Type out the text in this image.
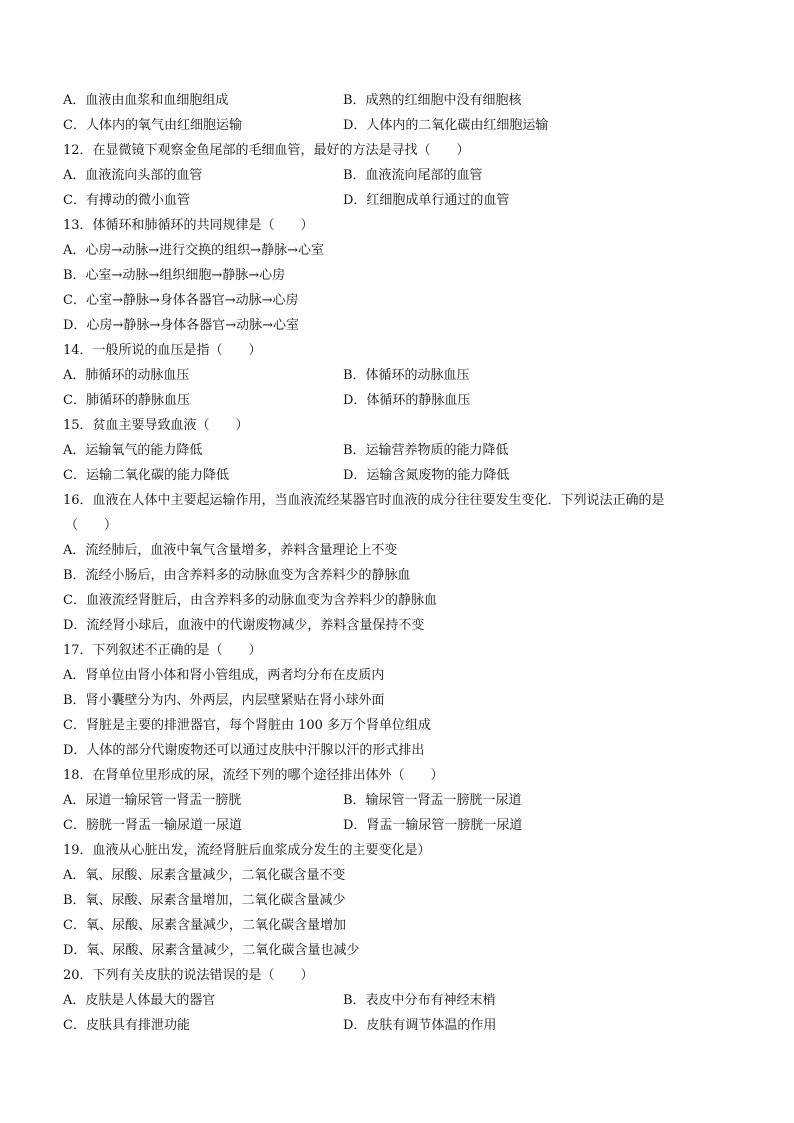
A．血液由血浆和血细胞组成	B．成熟的红细胞中没有细胞核
C．人体内的氧气由红细胞运输	D．人体内的二氧化碳由红细胞运输
12．在显微镜下观察金鱼尾部的毛细血管，最好的方法是寻找（　　）
A．血液流向头部的血管	B．血液流向尾部的血管
C．有搏动的微小血管	D．红细胞成单行通过的血管
13．体循环和肺循环的共同规律是（　　）
A．心房→动脉→进行交换的组织→静脉→心室
B．心室→动脉→组织细胞→静脉→心房
C．心室→静脉→身体各器官→动脉→心房
D．心房→静脉→身体各器官→动脉→心室
14．一般所说的血压是指（　　）
A．肺循环的动脉血压	B．体循环的动脉血压
C．肺循环的静脉血压	D．体循环的静脉血压
15．贫血主要导致血液（　　）
A．运输氧气的能力降低	B．运输营养物质的能力降低
C．运输二氧化碳的能力降低	D．运输含氮废物的能力降低
16．血液在人体中主要起运输作用，当血液流经某器官时血液的成分往往要发生变化．下列说法正确的是
（　　）
A．流经肺后，血液中氧气含量增多，养料含量理论上不变
B．流经小肠后，由含养料多的动脉血变为含养料少的静脉血
C．血液流经肾脏后，由含养料多的动脉血变为含养料少的静脉血
D．流经肾小球后，血液中的代谢废物减少，养料含量保持不变
17．下列叙述不正确的是（　　）
A．肾单位由肾小体和肾小管组成，两者均分布在皮质内
B．肾小囊壁分为内、外两层，内层壁紧贴在肾小球外面
C．肾脏是主要的排泄器官，每个肾脏由 100 多万个肾单位组成
D．人体的部分代谢废物还可以通过皮肤中汗腺以汗的形式排出
18．在肾单位里形成的尿，流经下列的哪个途径排出体外（　　）
A．尿道一输尿管一肾盂一膀胱	B．输尿管一肾盂一膀胱一尿道
C．膀胱一肾盂一输尿道一尿道	D．肾盂一输尿管一膀胱一尿道
19．血液从心脏出发，流经肾脏后血浆成分发生的主要变化是）
A．氧、尿酸、尿素含量减少，二氧化碳含量不变
B．氧、尿酸、尿素含量增加，二氧化碳含量减少
C．氧、尿酸、尿素含量减少，二氧化碳含量增加
D．氧、尿酸、尿素含量减少，二氧化碳含量也减少
20．下列有关皮肤的说法错误的是（　　）
A．皮肤是人体最大的器官	B．表皮中分布有神经末梢
C．皮肤具有排泄功能	D．皮肤有调节体温的作用
